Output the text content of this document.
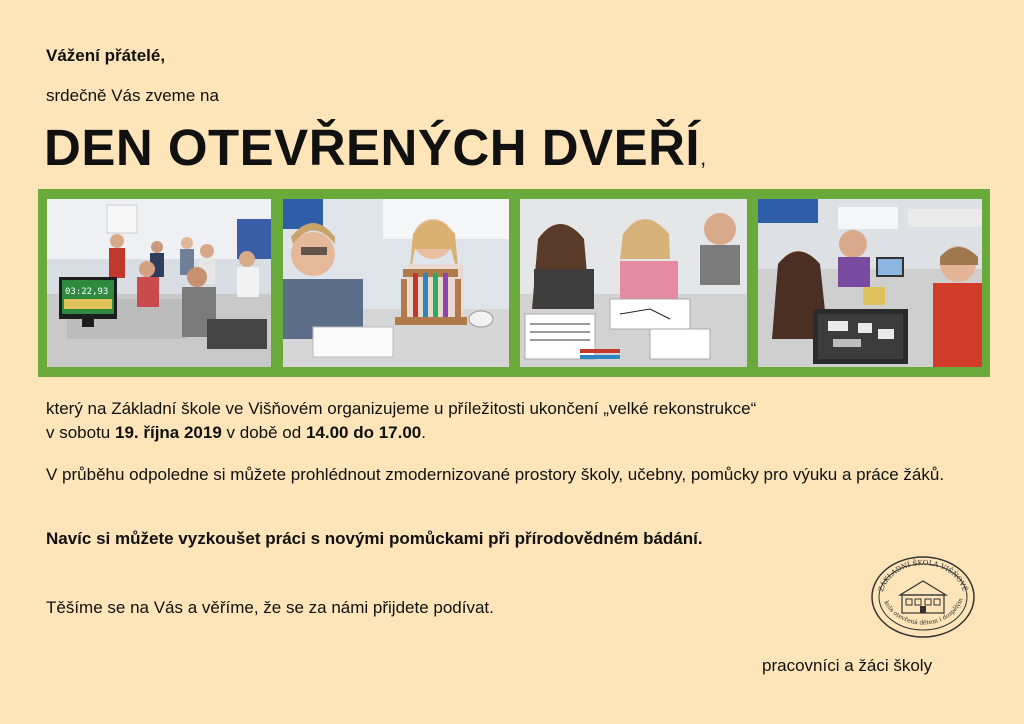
Vážení přátelé,
srdečně Vás zveme na
DEN OTEVŘENÝCH DVEŘÍ,
03:22,93
který na Základní škole ve Višňovém organizujeme u příležitosti ukončení „velké rekonstrukce“
v sobotu 19. října 2019 v době od 14.00 do 17.00.
V průběhu odpoledne si můžete prohlédnout zmodernizované prostory školy, učebny, pomůcky pro výuku a práce žáků.
Navíc si můžete vyzkoušet práci s novými pomůckami při přírodovědném bádání.
Těšíme se na Vás a věříme, že se za námi přijdete podívat.
pracovníci a žáci školy
ZÁKLADNÍ ŠKOLA VIŠŇOVÉ
kola otevřená dětem i dospělým
